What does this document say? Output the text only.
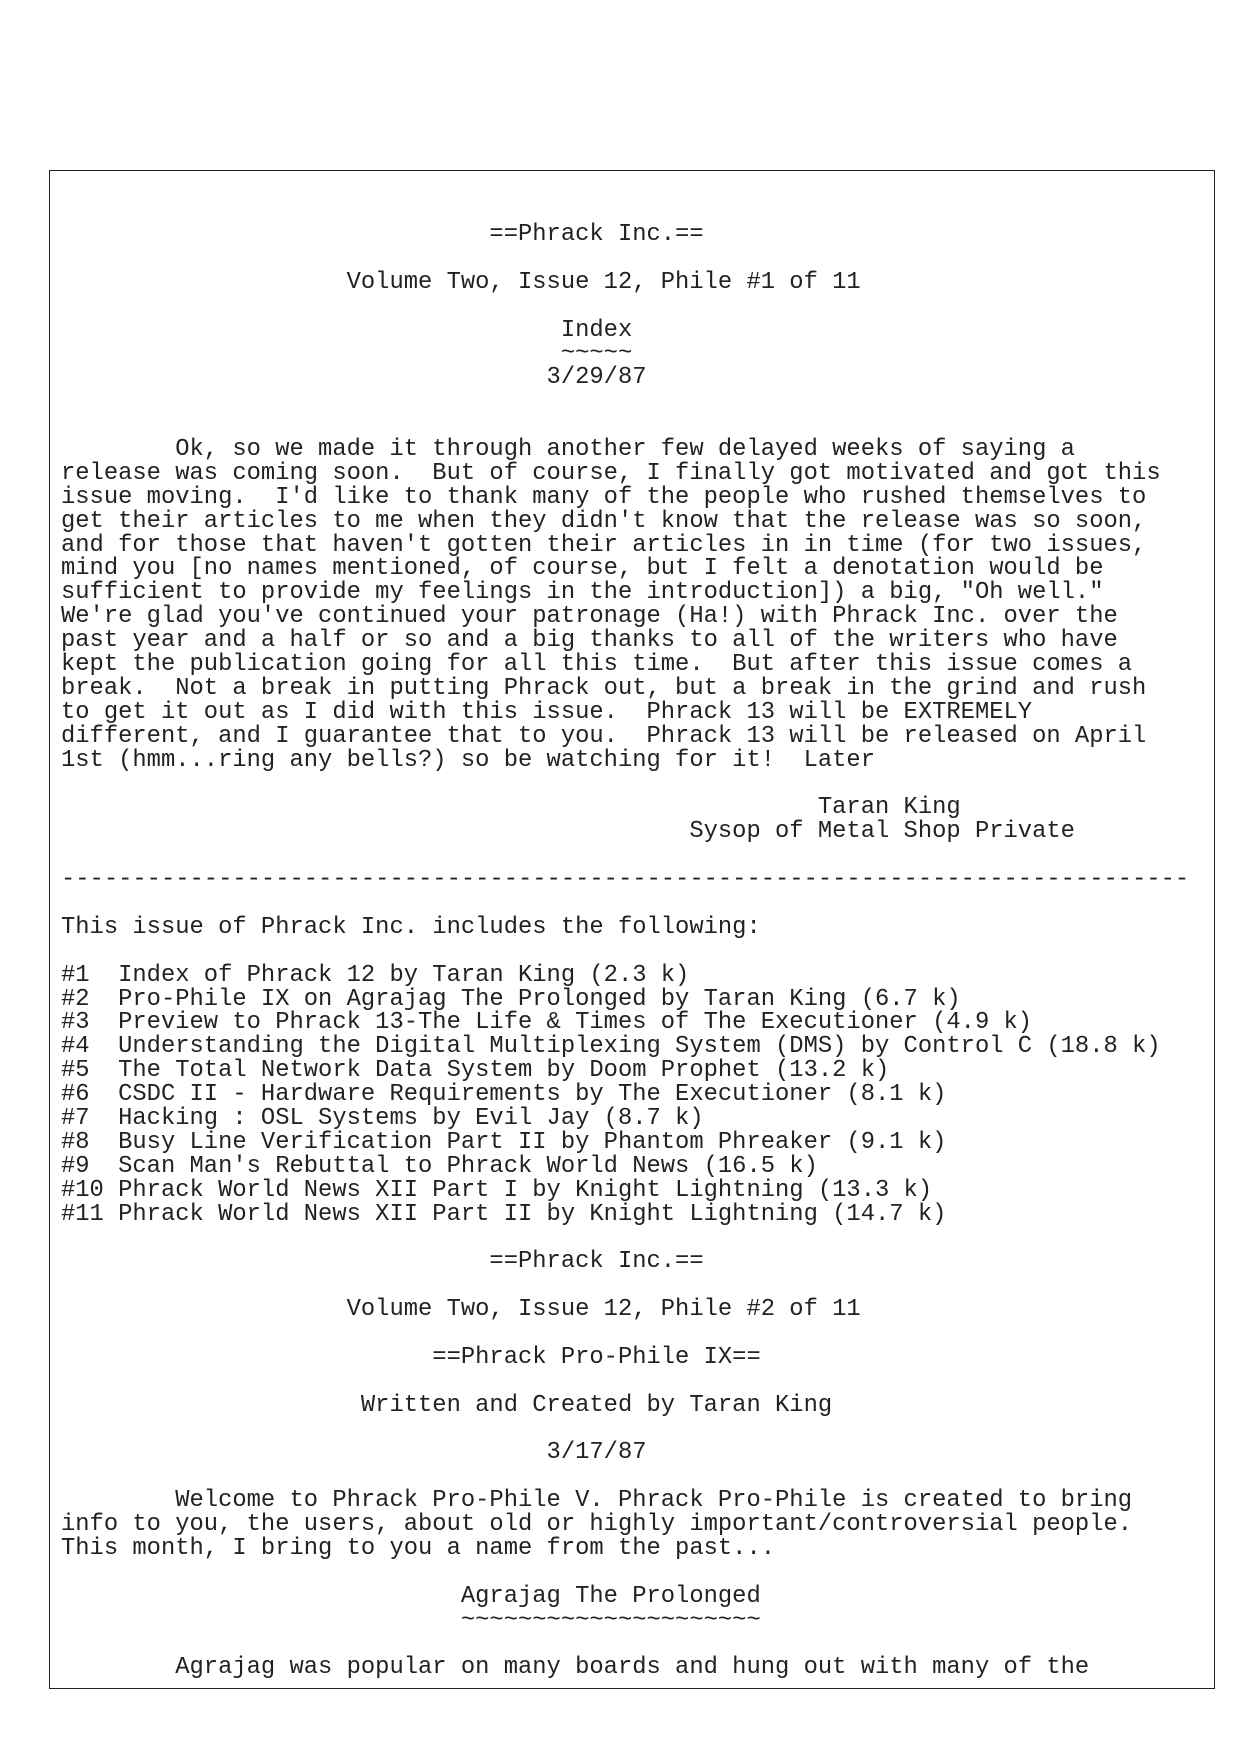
==Phrack Inc.==
Volume Two, Issue 12, Phile #1 of 11
Index
~~~~~
3/29/87
Ok, so we made it through another few delayed weeks of saying a
release was coming soon.  But of course, I finally got motivated and got this
issue moving.  I'd like to thank many of the people who rushed themselves to
get their articles to me when they didn't know that the release was so soon,
and for those that haven't gotten their articles in in time (for two issues,
mind you [no names mentioned, of course, but I felt a denotation would be
sufficient to provide my feelings in the introduction]) a big, "Oh well."
We're glad you've continued your patronage (Ha!) with Phrack Inc. over the
past year and a half or so and a big thanks to all of the writers who have
kept the publication going for all this time.  But after this issue comes a
break.  Not a break in putting Phrack out, but a break in the grind and rush
to get it out as I did with this issue.  Phrack 13 will be EXTREMELY
different, and I guarantee that to you.  Phrack 13 will be released on April
1st (hmm...ring any bells?) so be watching for it!  Later
Taran King
Sysop of Metal Shop Private
-------------------------------------------------------------------------------
This issue of Phrack Inc. includes the following:
#1  Index of Phrack 12 by Taran King (2.3 k)
#2  Pro-Phile IX on Agrajag The Prolonged by Taran King (6.7 k)
#3  Preview to Phrack 13-The Life & Times of The Executioner (4.9 k)
#4  Understanding the Digital Multiplexing System (DMS) by Control C (18.8 k)
#5  The Total Network Data System by Doom Prophet (13.2 k)
#6  CSDC II - Hardware Requirements by The Executioner (8.1 k)
#7  Hacking : OSL Systems by Evil Jay (8.7 k)
#8  Busy Line Verification Part II by Phantom Phreaker (9.1 k)
#9  Scan Man's Rebuttal to Phrack World News (16.5 k)
#10 Phrack World News XII Part I by Knight Lightning (13.3 k)
#11 Phrack World News XII Part II by Knight Lightning (14.7 k)
==Phrack Inc.==
Volume Two, Issue 12, Phile #2 of 11
==Phrack Pro-Phile IX==
Written and Created by Taran King
3/17/87
Welcome to Phrack Pro-Phile V. Phrack Pro-Phile is created to bring
info to you, the users, about old or highly important/controversial people.
This month, I bring to you a name from the past...
Agrajag The Prolonged
~~~~~~~~~~~~~~~~~~~~~
Agrajag was popular on many boards and hung out with many of the
